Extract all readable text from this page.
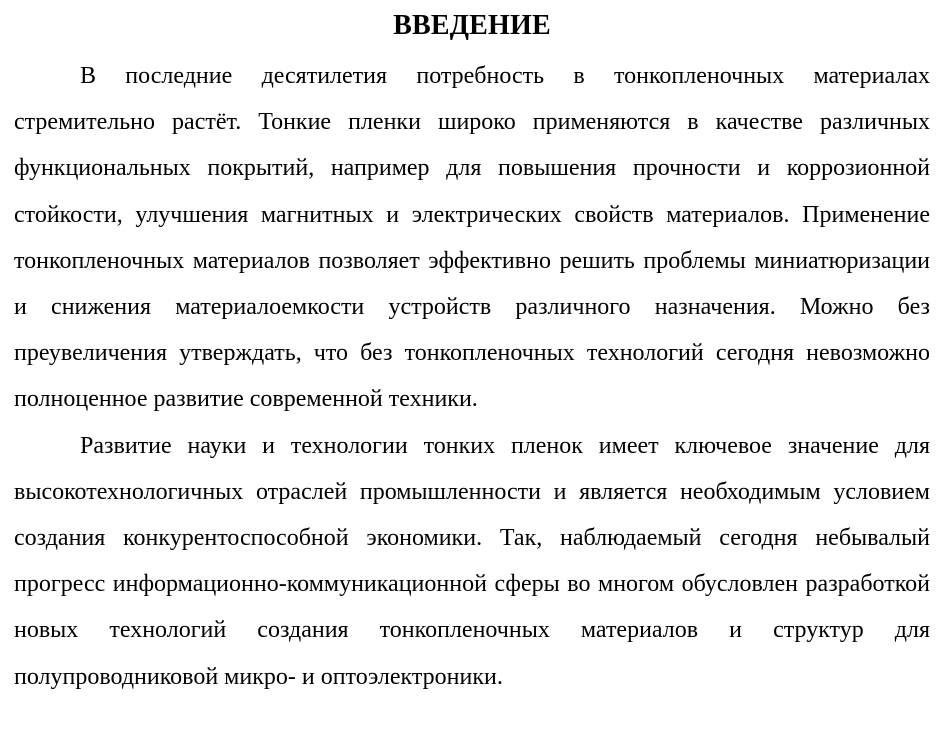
ВВЕДЕНИЕ

В последние десятилетия потребность в тонкопленочных материалах стремительно растёт. Тонкие пленки широко применяются в качестве различных функциональных покрытий, например для повышения прочности и коррозионной стойкости, улучшения магнитных и электрических свойств материалов. Применение тонкопленочных материалов позволяет эффективно решить проблемы миниатюризации и снижения материалоемкости устройств различного назначения. Можно без преувеличения утверждать, что без тонкопленочных технологий сегодня невозможно полноценное развитие современной техники.

Развитие науки и технологии тонких пленок имеет ключевое значение для высокотехнологичных отраслей промышленности и является необходимым условием создания конкурентоспособной экономики. Так, наблюдаемый сегодня небывалый прогресс информационно-коммуникационной сферы во многом обусловлен разработкой новых технологий создания тонкопленочных материалов и структур для полупроводниковой микро- и оптоэлектроники.
